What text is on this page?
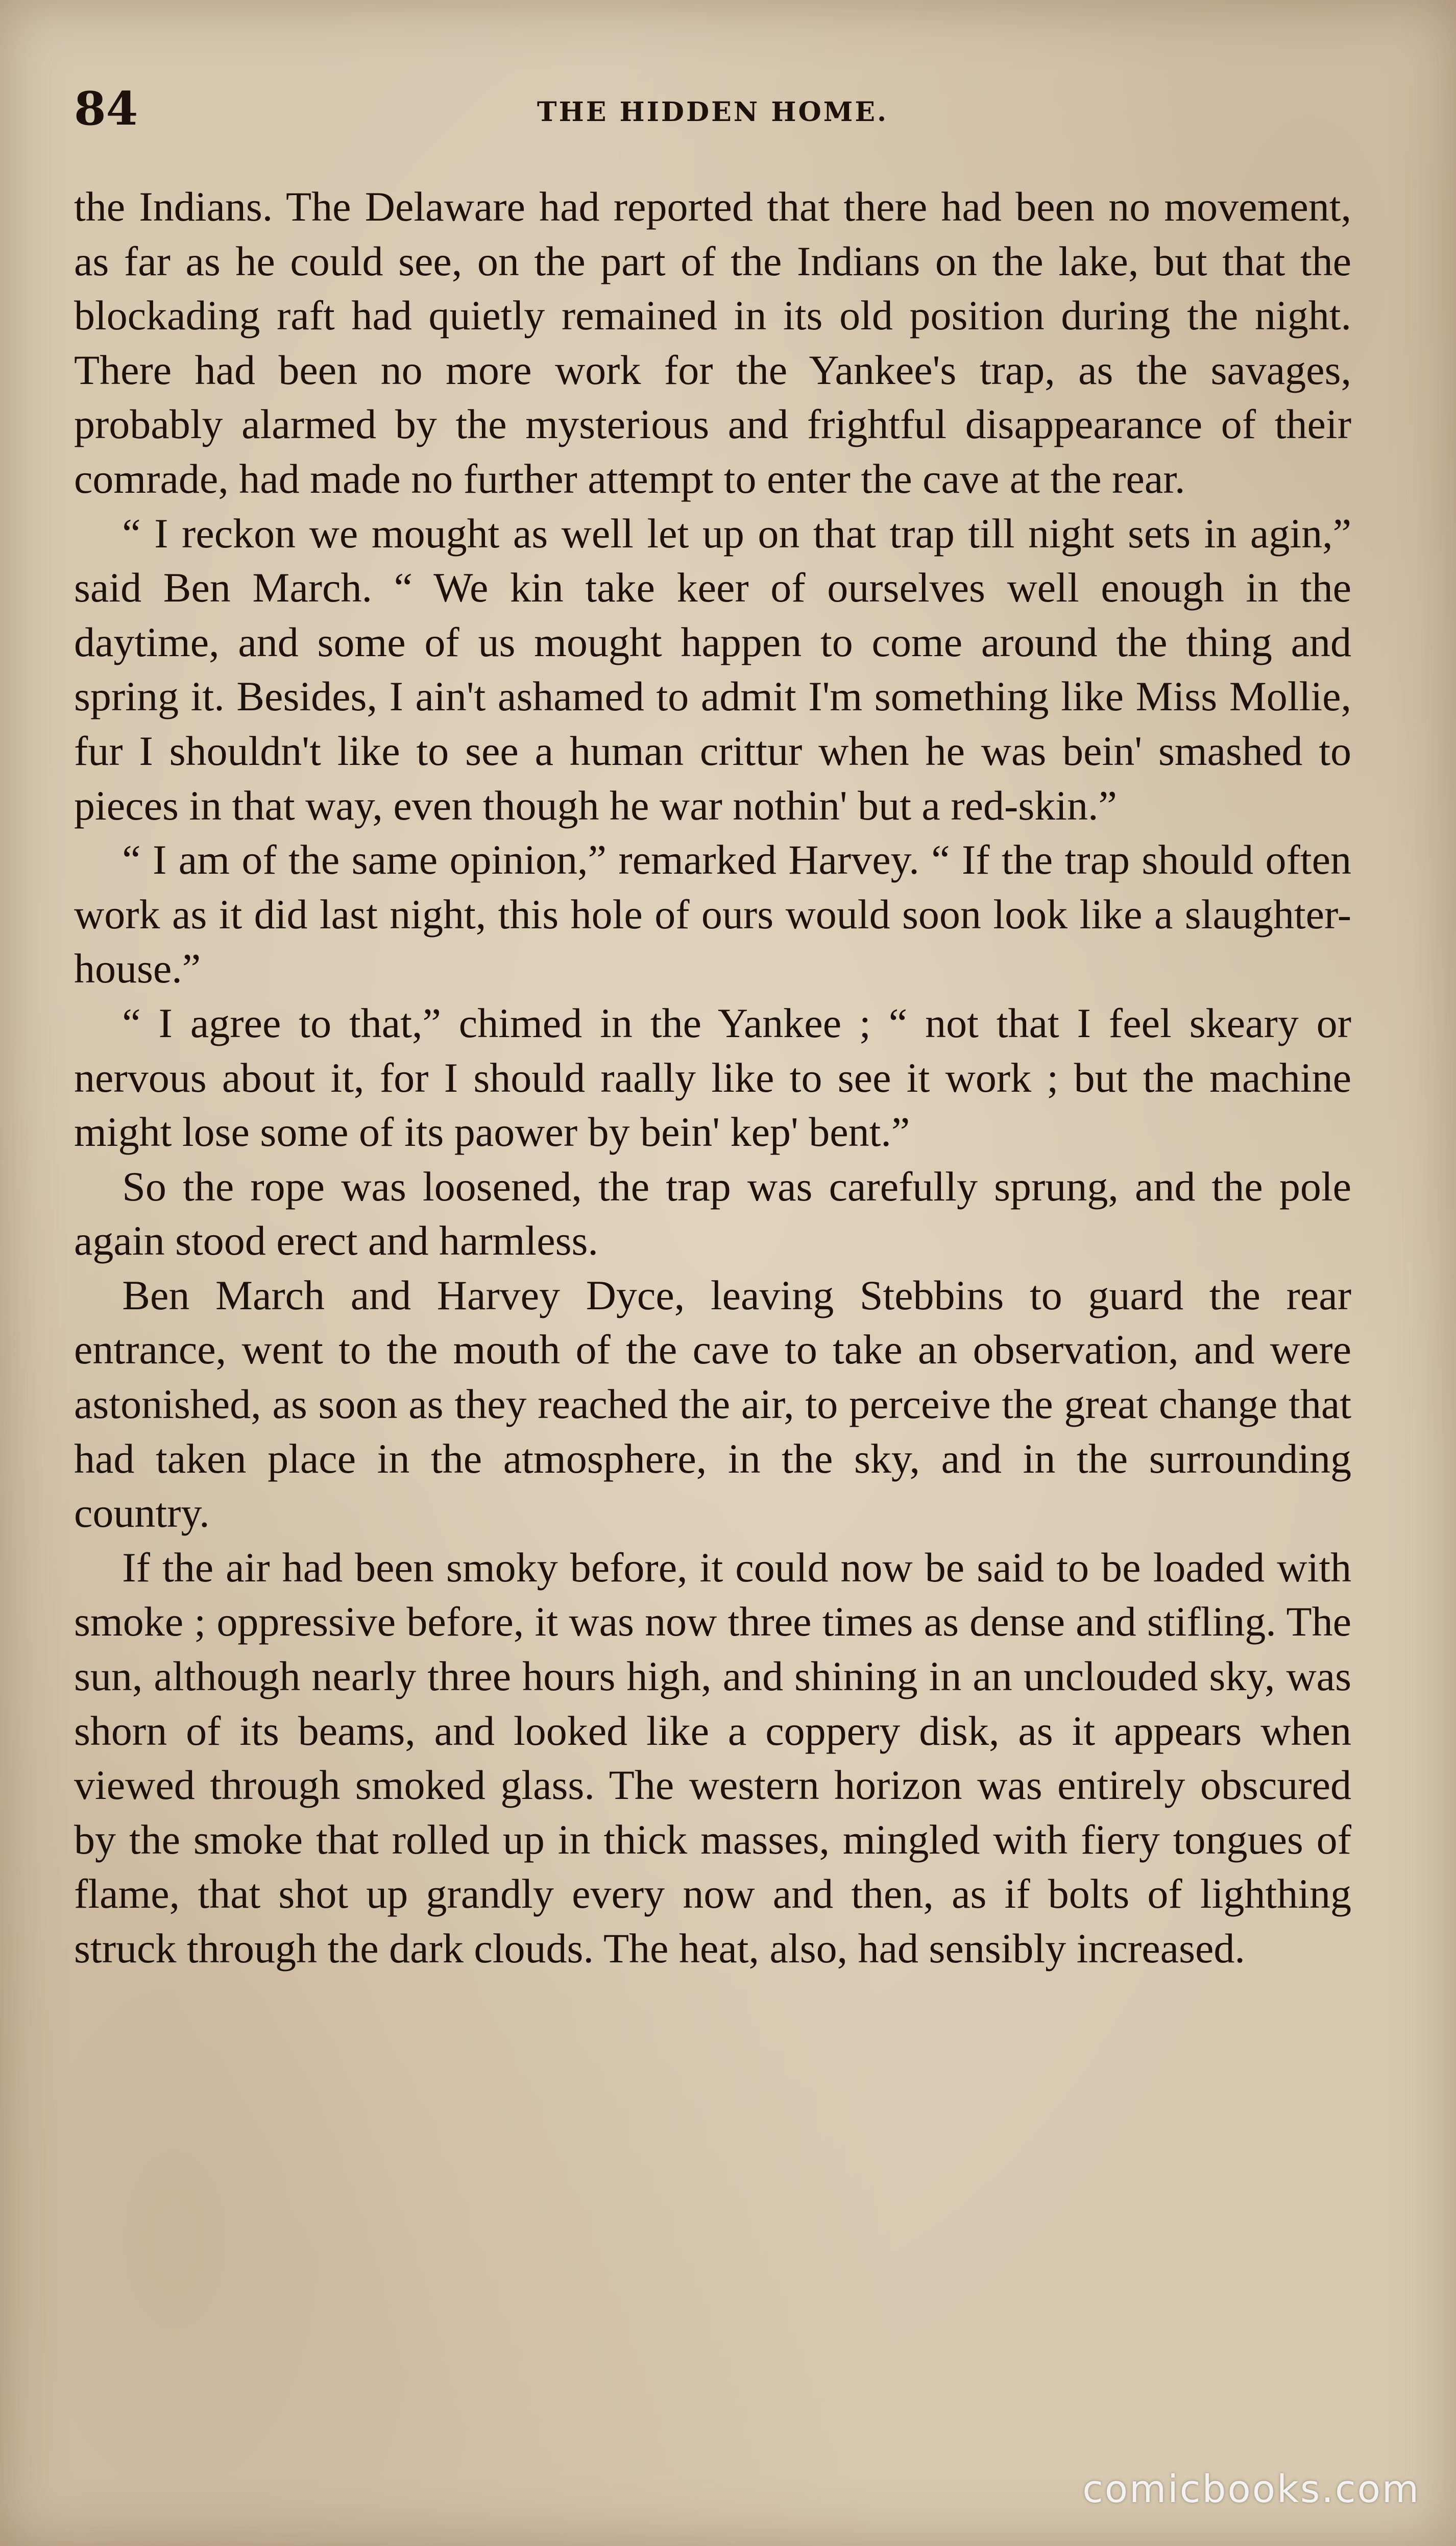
84	THE HIDDEN HOME.

the Indians. The Delaware had reported that there had been no movement, as far as he could see, on the part of the Indians on the lake, but that the blockading raft had quietly remained in its old position during the night. There had been no more work for the Yankee's trap, as the savages, probably alarmed by the mysterious and frightful disappearance of their comrade, had made no further attempt to enter the cave at the rear.

“ I reckon we mought as well let up on that trap till night sets in agin,” said Ben March. “ We kin take keer of ourselves well enough in the daytime, and some of us mought happen to come around the thing and spring it. Besides, I ain't ashamed to admit I'm something like Miss Mollie, fur I shouldn't like to see a human crittur when he was bein' smashed to pieces in that way, even though he war nothin' but a red-skin.”

“ I am of the same opinion,” remarked Harvey. “ If the trap should often work as it did last night, this hole of ours would soon look like a slaughter-house.”

“ I agree to that,” chimed in the Yankee ; “ not that I feel skeary or nervous about it, for I should raally like to see it work ; but the machine might lose some of its paower by bein' kep' bent.”

So the rope was loosened, the trap was carefully sprung, and the pole again stood erect and harmless.

Ben March and Harvey Dyce, leaving Stebbins to guard the rear entrance, went to the mouth of the cave to take an observation, and were astonished, as soon as they reached the air, to perceive the great change that had taken place in the atmosphere, in the sky, and in the surrounding country.

If the air had been smoky before, it could now be said to be loaded with smoke ; oppressive before, it was now three times as dense and stifling. The sun, although nearly three hours high, and shining in an unclouded sky, was shorn of its beams, and looked like a coppery disk, as it appears when viewed through smoked glass. The western horizon was entirely obscured by the smoke that rolled up in thick masses, mingled with fiery tongues of flame, that shot up grandly every now and then, as if bolts of lighthing struck through the dark clouds. The heat, also, had sensibly increased.

comicbooks.com
